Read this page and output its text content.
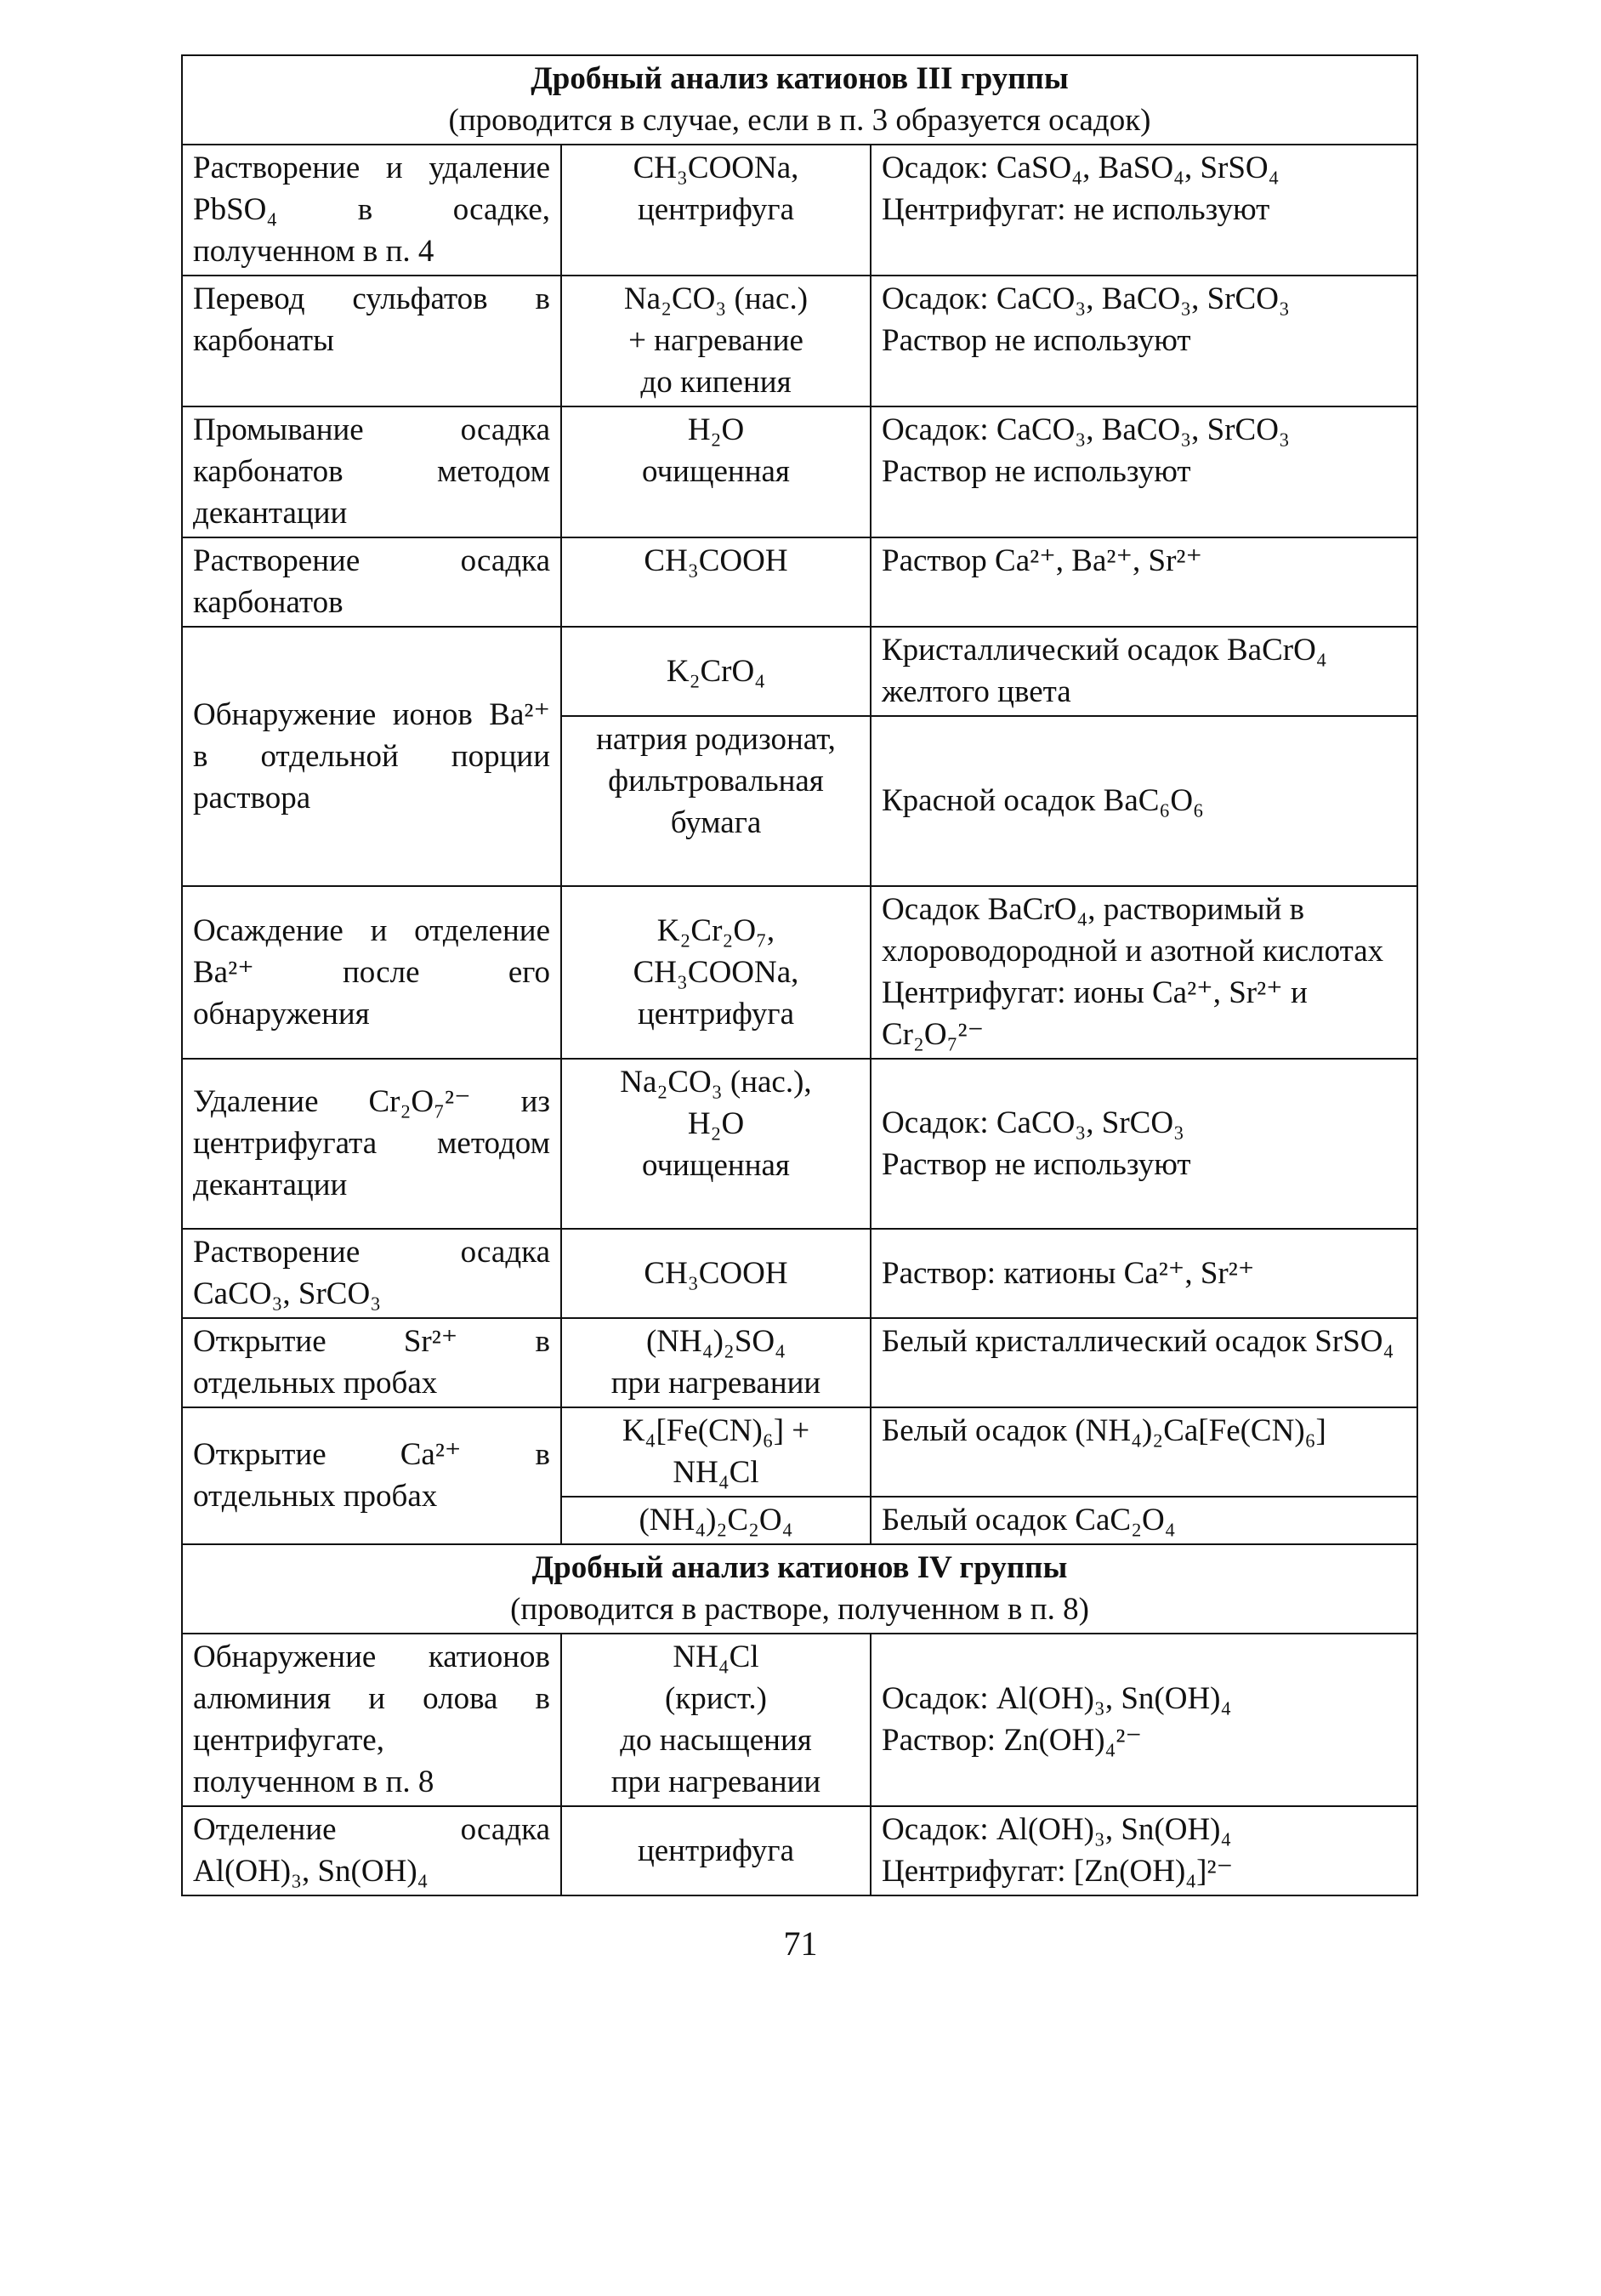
Дробный анализ катионов III группы
(проводится в случае, если в п. 3 образуется осадок)		

Растворение и удаление PbSO₄ в осадке, полученном в п. 4	CH₃COONa, центрифуга	Осадок: CaSO₄, BaSO₄, SrSO₄
Центрифугат: не используют

Перевод сульфатов в карбонаты	Na₂CO₃ (нас.)
+ нагревание
до кипения	Осадок: CaCO₃, BaCO₃, SrCO₃
Раствор не используют

Промывание осадка карбонатов методом декантации	H₂O
очищенная	Осадок: CaCO₃, BaCO₃, SrCO₃
Раствор не используют

Растворение осадка карбонатов	CH₃COOH	Раствор Ca²⁺, Ba²⁺, Sr²⁺
Обнаружение ионов Ba²⁺ в отдельной порции раствора	K₂CrO₄	Кристаллический осадок BaCrO₄ желтого цвета

	натрия родизонат,
фильтровальная
бумага	Красной осадок BaC₆O₆
Осаждение и отделение Ba²⁺ после его обнаружения	K₂Cr₂O₇,
CH₃COONa, центрифуга	Осадок BaCrO₄, растворимый в хлороводородной и азотной кислотах Центрифугат: ионы Ca²⁺, Sr²⁺ и Cr₂O₇²⁻
Удаление Cr₂O₇²⁻ из центрифугата методом декантации	Na₂CO₃ (нас.),
H₂O
очищенная	Осадок: CaCO₃, SrCO₃
Раствор не используют

Растворение осадка CaCO₃, SrCO₃	CH₃COOH	Раствор: катионы Ca²⁺, Sr²⁺
Открытие Sr²⁺ в отдельных пробах	(NH₄)₂SO₄
при нагревании	Белый кристаллический осадок SrSO₄
Открытие Ca²⁺ в отдельных пробах	K₄[Fe(CN)₆] +
NH₄Cl	Белый осадок (NH₄)₂Ca[Fe(CN)₆]
	(NH₄)₂C₂O₄	Белый осадок CaC₂O₄

Дробный анализ катионов IV группы
(проводится в растворе, полученном в п. 8)		

Обнаружение катионов алюминия и олова в центрифугате, полученном в п. 8	NH₄Cl
(крист.)
до насыщения
при нагревании	Осадок: Al(OH)₃, Sn(OH)₄
Раствор: Zn(OH)₄²⁻

Отделение осадка Al(OH)₃, Sn(OH)₄	центрифуга	Осадок: Al(OH)₃, Sn(OH)₄
Центрифугат: [Zn(OH)₄]²⁻
71
